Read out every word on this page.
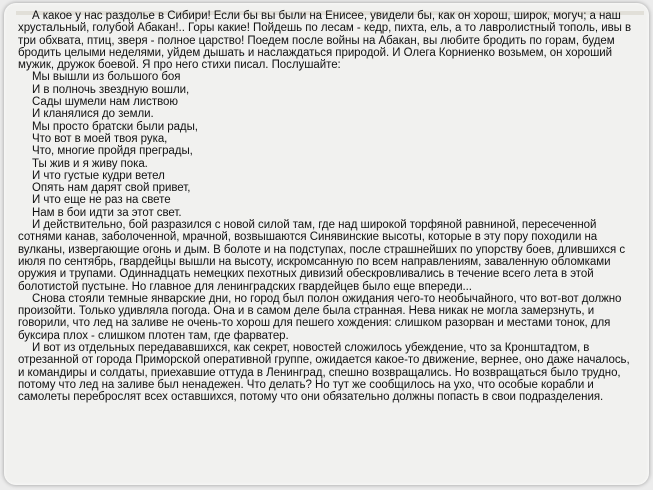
А какое у нас раздолье в Сибири! Если бы вы были на Енисее, увидели бы, как он хорош, широк, могуч; а наш хрустальный, голубой Абакан!.. Горы какие! Пойдешь по лесам - кедр, пихта, ель, а то лавролистный тополь, ивы в три обхвата, птиц, зверя - полное царство! Поедем после войны на Абакан, вы любите бродить по горам, будем бродить целыми неделями, уйдем дышать и наслаждаться природой. И Олега Корниенко возьмем, он хороший мужик, дружок боевой. Я про него стихи писал. Послушайте:

Мы вышли из большого боя

И в полночь звездную вошли,

Сады шумели нам листвою

И кланялися до земли.

Мы просто братски были рады,

Что вот в моей твоя рука,

Что, многие пройдя преграды,

Ты жив и я живу пока.

И что густые кудри ветел

Опять нам дарят свой привет,

И что еще не раз на свете

Нам в бои идти за этот свет.

И действительно, бой разразился с новой силой там, где над широкой торфяной равниной, пересеченной сотнями канав, заболоченной, мрачной, возвышаются Синявинские высоты, которые в эту пору походили на вулканы, извергающие огонь и дым. В болоте и на подступах, после страшнейших по упорству боев, длившихся с июля по сентябрь, гвардейцы вышли на высоту, искромсанную по всем направлениям, заваленную обломками оружия и трупами. Одиннадцать немецких пехотных дивизий обескровливались в течение всего лета в этой болотистой пустыне. Но главное для ленинградских гвардейцев было еще впереди...

Снова стояли темные январские дни, но город был полон ожидания чего-то необычайного, что вот-вот должно произойти. Только удивляла погода. Она и в самом деле была странная. Нева никак не могла замерзнуть, и говорили, что лед на заливе не очень-то хорош для пешего хождения: слишком разорван и местами тонок, для буксира плох - слишком плотен там, где фарватер.

И вот из отдельных передававшихся, как секрет, новостей сложилось убеждение, что за Кронштадтом, в отрезанной от города Приморской оперативной группе, ожидается какое-то движение, вернее, оно даже началось, и командиры и солдаты, приехавшие оттуда в Ленинград, спешно возвращались. Но возвращаться было трудно, потому что лед на заливе был ненадежен. Что делать? Но тут же сообщилось на ухо, что особые корабли и самолеты переброслят всех оставшихся, потому что они обязательно должны попасть в свои подразделения.
